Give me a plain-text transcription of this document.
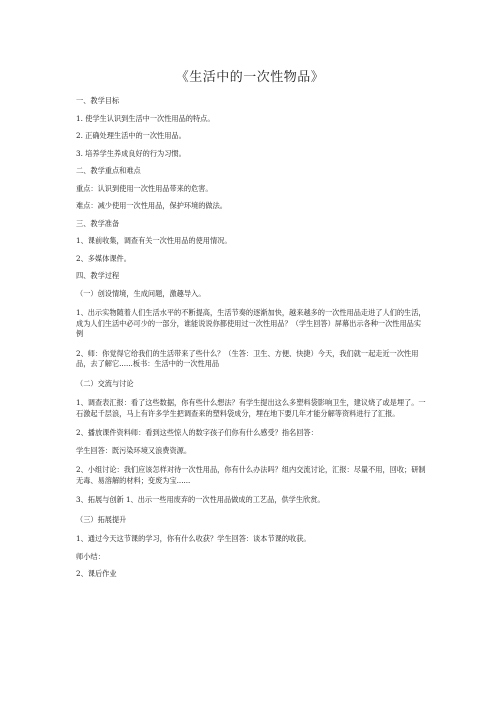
《生活中的一次性物品》

一、教学目标

1. 使学生认识到生活中一次性用品的特点。

2. 正确处理生活中的一次性用品。

3. 培养学生养成良好的行为习惯。

二、教学重点和难点

重点：认识到使用一次性用品带来的危害。

难点：减少使用一次性用品，保护环境的做法。

三、教学准备

1、课前收集，调查有关一次性用品的使用情况。

2、多媒体课件。

四、教学过程

（一）创设情境，生成问题，激趣导入。

1、出示实物随着人们生活水平的不断提高，生活节奏的逐渐加快，越来越多的一次性用品走进了人们的生活，成为人们生活中必可少的一部分，谁能说说你都使用过一次性用品？（学生回答）屏幕出示各种一次性用品实例

2、师：你觉得它给我们的生活带来了些什么？（生答：卫生、方便、快捷）今天，我们就一起走近一次性用品，去了解它......板书：生活中的一次性用品

（二）交流与讨论

1、调查表汇报：看了这些数据，你有些什么想法？有学生提出这么多塑料袋影响卫生，建议烧了或是埋了。一石激起千层浪，马上有许多学生把调查来的塑料袋成分，埋在地下要几年才能分解等资料进行了汇报。

2、播放课件资料师：看到这些惊人的数字孩子们你有什么感受？指名回答：

学生回答：既污染环境又浪费资源。

2、小组讨论：我们应该怎样对待一次性用品，你有什么办法吗？组内交流讨论，汇报：尽量不用，回收；研制无毒、易溶解的材料；变废为宝......

3、拓展与创新 1、出示一些用废弃的一次性用品做成的工艺品，供学生欣赏。

（三）拓展提升

1、通过今天这节课的学习，你有什么收获？学生回答：谈本节课的收获。

师小结：

2、课后作业
